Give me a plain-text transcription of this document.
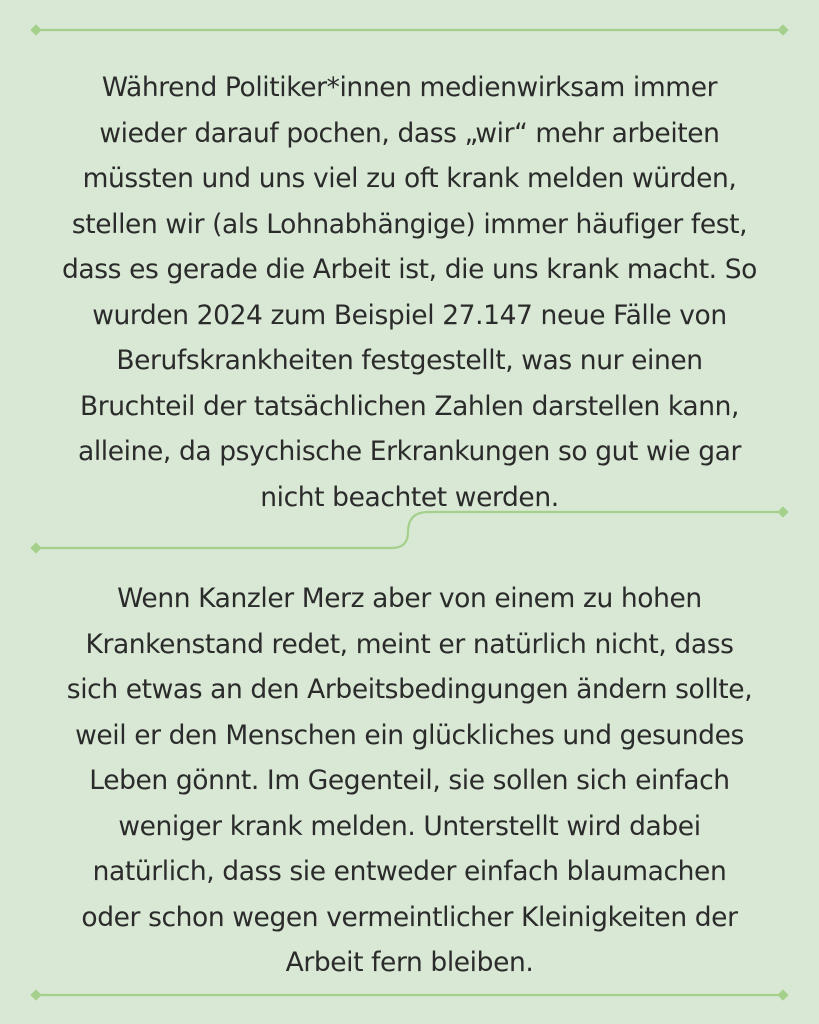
Während Politiker*innen medienwirksam immer
wieder darauf pochen, dass „wir“ mehr arbeiten
müssten und uns viel zu oft krank melden würden,
stellen wir (als Lohnabhängige) immer häufiger fest,
dass es gerade die Arbeit ist, die uns krank macht. So
wurden 2024 zum Beispiel 27.147 neue Fälle von
Berufskrankheiten festgestellt, was nur einen
Bruchteil der tatsächlichen Zahlen darstellen kann,
alleine, da psychische Erkrankungen so gut wie gar
nicht beachtet werden.

Wenn Kanzler Merz aber von einem zu hohen
Krankenstand redet, meint er natürlich nicht, dass
sich etwas an den Arbeitsbedingungen ändern sollte,
weil er den Menschen ein glückliches und gesundes
Leben gönnt. Im Gegenteil, sie sollen sich einfach
weniger krank melden. Unterstellt wird dabei
natürlich, dass sie entweder einfach blaumachen
oder schon wegen vermeintlicher Kleinigkeiten der
Arbeit fern bleiben.
